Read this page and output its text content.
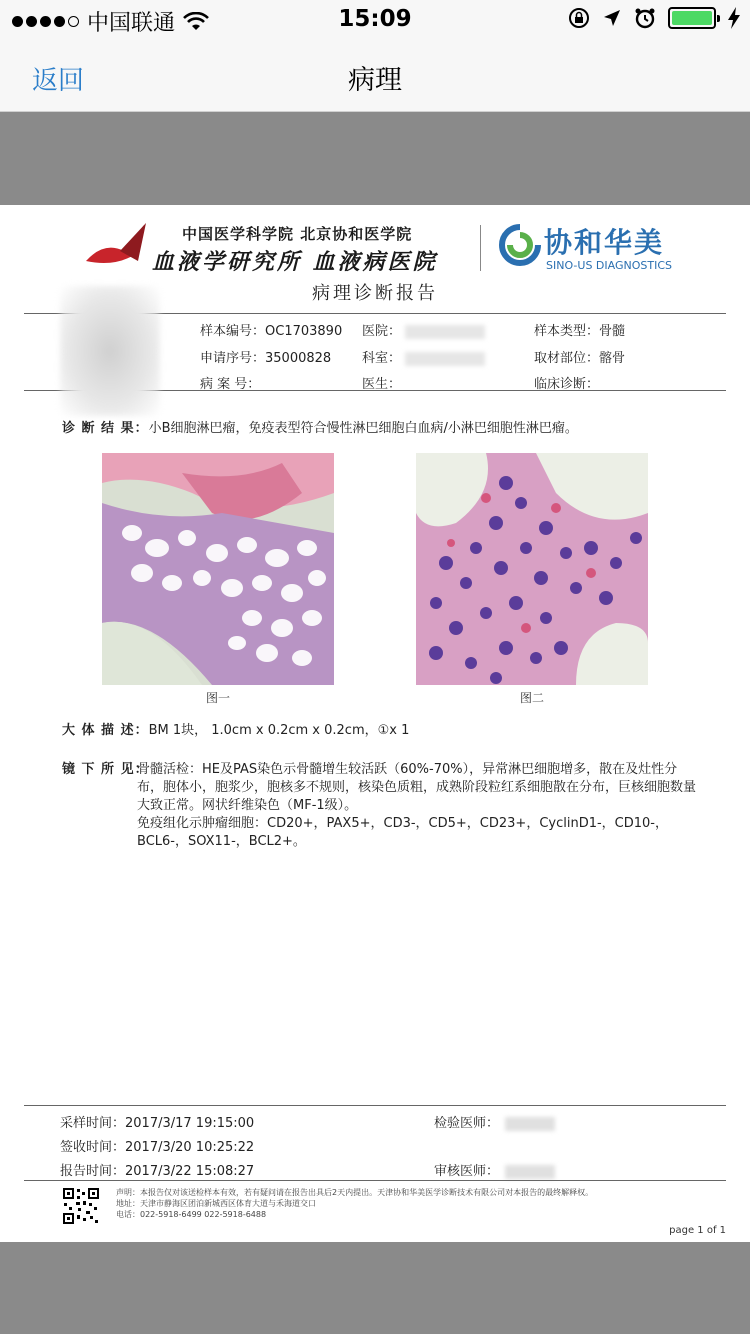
中国联通	15:09
返回	病理
中国医学科学院 北京协和医学院
血液学研究所 血液病医院
协和华美
SINO-US DIAGNOSTICS
病理诊断报告
样本编号：OC1703890 医院：	样本类型：骨髓
申请序号：35000828 科室：	取材部位：髂骨
病 案 号：	医生：	临床诊断：
诊 断 结 果：小B细胞淋巴瘤，免疫表型符合慢性淋巴细胞白血病/小淋巴细胞性淋巴瘤。
图一	图二
大 体 描 述：BM 1块， 1.0cm x 0.2cm x 0.2cm，①x 1
镜 下 所 见：

骨髓活检：HE及PAS染色示骨髓增生较活跃（60%-70%），异常淋巴细胞增多，散在及灶性分布，胞体小，胞浆少，胞核多不规则，核染色质粗，成熟阶段粒红系细胞散在分布，巨核细胞数量大致正常。网状纤维染色（MF-1级）。

免疫组化示肿瘤细胞：CD20+，PAX5+，CD3-，CD5+，CD23+，CyclinD1-，CD10-，BCL6-，SOX11-，BCL2+。

采样时间：2017/3/17 19:15:00	检验医师：
签收时间：2017/3/20 10:25:22
报告时间：2017/3/22 15:08:27	审核医师：
声明：本报告仅对该送检样本有效，若有疑问请在报告出具后2天内提出。天津协和华美医学诊断技术有限公司对本报告的最终解释权。
地址：天津市静海区团泊新城西区体育大道与禾海道交口
电话：022-5918-6499 022-5918-6488
page 1 of 1
